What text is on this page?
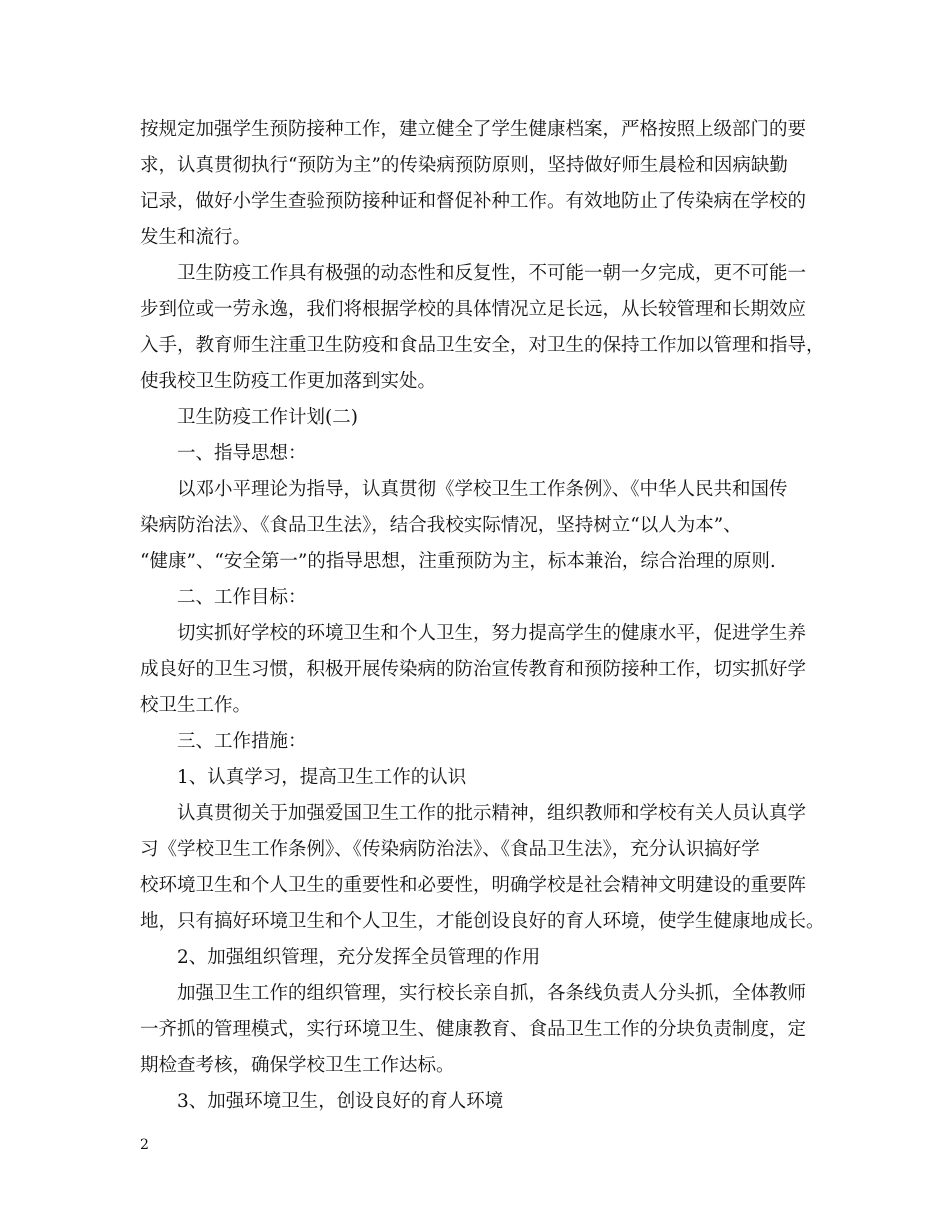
按规定加强学生预防接种工作，建立健全了学生健康档案，严格按照上级部门的要
求，认真贯彻执行“预防为主”的传染病预防原则，坚持做好师生晨检和因病缺勤
记录，做好小学生查验预防接种证和督促补种工作。有效地防止了传染病在学校的
发生和流行。
卫生防疫工作具有极强的动态性和反复性，不可能一朝一夕完成，更不可能一
步到位或一劳永逸，我们将根据学校的具体情况立足长远，从长较管理和长期效应
入手，教育师生注重卫生防疫和食品卫生安全，对卫生的保持工作加以管理和指导，
使我校卫生防疫工作更加落到实处。
卫生防疫工作计划(二)
一、指导思想：
以邓小平理论为指导，认真贯彻《学校卫生工作条例》、《中华人民共和国传
染病防治法》、《食品卫生法》，结合我校实际情况，坚持树立“以人为本”、
“健康”、“安全第一”的指导思想，注重预防为主，标本兼治，综合治理的原则.
二、工作目标：
切实抓好学校的环境卫生和个人卫生，努力提高学生的健康水平，促进学生养
成良好的卫生习惯，积极开展传染病的防治宣传教育和预防接种工作，切实抓好学
校卫生工作。
三、工作措施：
1、认真学习，提高卫生工作的认识
认真贯彻关于加强爱国卫生工作的批示精神，组织教师和学校有关人员认真学
习《学校卫生工作条例》、《传染病防治法》、《食品卫生法》，充分认识搞好学
校环境卫生和个人卫生的重要性和必要性，明确学校是社会精神文明建设的重要阵
地，只有搞好环境卫生和个人卫生，才能创设良好的育人环境，使学生健康地成长。
2、加强组织管理，充分发挥全员管理的作用
加强卫生工作的组织管理，实行校长亲自抓，各条线负责人分头抓，全体教师
一齐抓的管理模式，实行环境卫生、健康教育、食品卫生工作的分块负责制度，定
期检查考核，确保学校卫生工作达标。
3、加强环境卫生，创设良好的育人环境
2
